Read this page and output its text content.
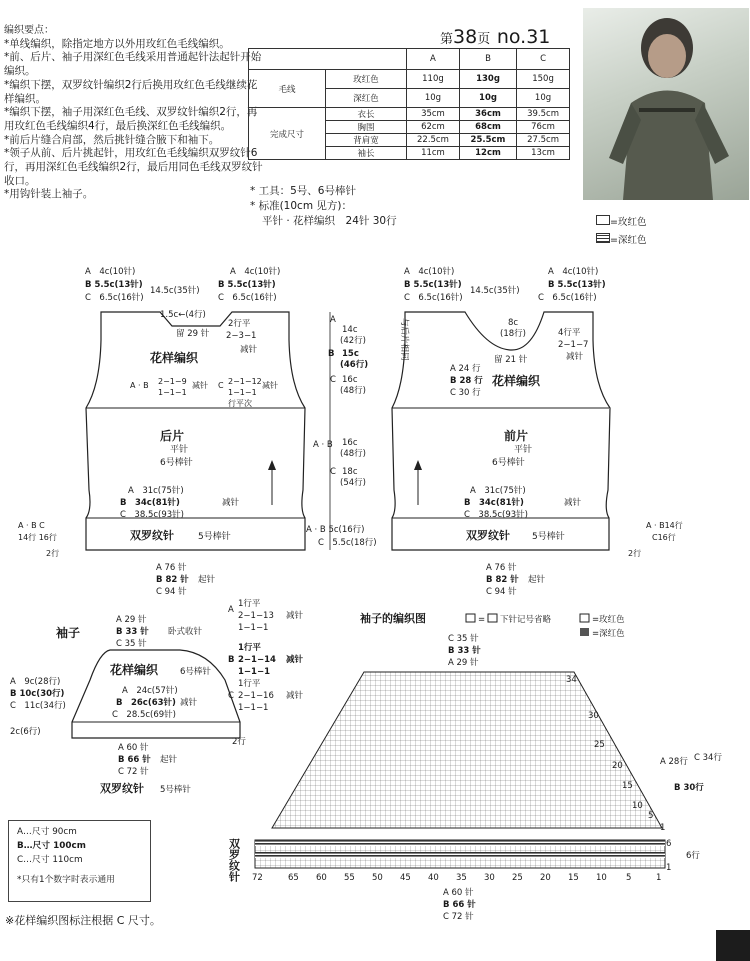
编织要点：

*单线编织，除指定地方以外用玫红色毛线编织。

*前、后片、袖子用深红色毛线采用普通起针法起针开始编织。

*编织下摆，双罗纹针编织2行后换用玫红色毛线继续花样编织。

*编织下摆，袖子用深红色毛线、双罗纹针编织2行，再用玫红色毛线编织4行，最后换深红色毛线编织。

*前后片缝合肩部，然后挑针缝合腋下和袖下。

*领子从前、后片挑起针，用玫红色毛线编织双罗纹针6行，再用深红色毛线编织2行，最后用同色毛线双罗纹针收口。

*用钩针装上袖子。

第38页 no.31
		A	B	C
毛线	玫红色	110g	130g	150g
	深红色	10g	10g	10g
完成尺寸	衣长	35cm	36cm	39.5cm
	胸围	62cm	68cm	76cm
	背肩宽	22.5cm	25.5cm	27.5cm
	袖长	11cm	12cm	13cm
* 工具：5号、6号棒针
* 标准(10cm 见方)：
平针 · 花样编织　24针 30行	=玫红色
=深红色
花样编织
后片
平针
6号棒针
双罗纹针	5号棒针
A　4c(10针)
B 5.5c(13针)
C　6.5c(16针)
A　4c(10针)
B 5.5c(13针)
C　6.5c(16针)
14.5c(35针)
1.5c←(4行)
留 29 针
2行平
2−3−1
减针
A · B 2−1−9
1−1−1
减针 C 2−1−12
1−1−1
行平次
减针
A　31c(75针)
B　34c(81针)
C　38.5c(93针)
减针
A 76 针
B 82 针
C 94 针
起针
A · B C
14行 16行
2行
A
14c
(42行)
B 15c
(46行)
C 16c
(48行)
A · B 16c
(48行)
C 18c
(54行)
A · B 5c(16行)
C　5.5c(18行)
花样编织
前片
平针
6号棒针
双罗纹针 5号棒针
A　4c(10针)
B 5.5c(13针)
C　6.5c(16针)
A　4c(10针)
B 5.5c(13针)
C　6.5c(16针)
14.5c(35针)
与后片相同	8c
(18行)
留 21 针
4行平
2−1−7
减针
A 24 行
B 28 行
C 30 行
A　31c(75针)
B　34c(81针)
C　38.5c(93针)
减针
A 76 针
B 82 针
C 94 针
起针
A · B14行
C16行
2行
袖子
花样编织	6号棒针
A 29 针
B 33 针
C 35 针
卧式收针
A　24c(57针)
B　26c(63针)
C　28.5c(69针)
减针
A 60 针
B 66 针
C 72 针
起针
A　9c(28行)
B 10c(30行)
C　11c(34行)
2c(6行)
2行
双罗纹针 5号棒针
A
1行平
2−1−13
1−1−1
减针
B
1行平
2−1−14
1−1−1
减针
C
1行平
2−1−16
1−1−1
减针
袖子的编织图	= 下针记号省略	=玫红色
=深红色
C 35 针
B 33 针
A 29 针
双罗纹针
34
30
25
20
15
10
5
1
6
1
6行
A 28行
B 30行
C 34行
72	65 60 55 50 45 40 35 30 25 20 15 10 5	1
A 60 针
B 66 针
C 72 针
A…尺寸 90cm
B…尺寸 100cm
C…尺寸 110cm
*只有1个数字时表示通用
※花样编织图标注根据 C 尺寸。
